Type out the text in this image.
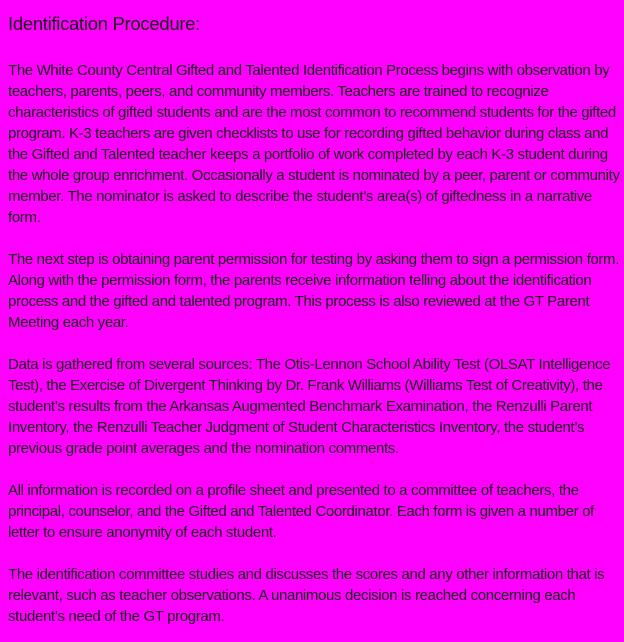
Identification Procedure:

The White County Central Gifted and Talented Identification Process begins with observation by teachers, parents, peers, and community members. Teachers are trained to recognize characteristics of gifted students and are the most common to recommend students for the gifted program. K-3 teachers are given checklists to use for recording gifted behavior during class and the Gifted and Talented teacher keeps a portfolio of work completed by each K-3 student during the whole group enrichment. Occasionally a student is nominated by a peer, parent or community member. The nominator is asked to describe the student’s area(s) of giftedness in a narrative form.

The next step is obtaining parent permission for testing by asking them to sign a permission form. Along with the permission form, the parents receive information telling about the identification process and the gifted and talented program. This process is also reviewed at the GT Parent Meeting each year.

Data is gathered from several sources: The Otis-Lennon School Ability Test (OLSAT Intelligence Test), the Exercise of Divergent Thinking by Dr. Frank Williams (Williams Test of Creativity), the student’s results from the Arkansas Augmented Benchmark Examination, the Renzulli Parent Inventory, the Renzulli Teacher Judgment of Student Characteristics Inventory, the student’s previous grade point averages and the nomination comments.

All information is recorded on a profile sheet and presented to a committee of teachers, the principal, counselor, and the Gifted and Talented Coordinator. Each form is given a number of letter to ensure anonymity of each student.

The identification committee studies and discusses the scores and any other information that is relevant, such as teacher observations. A unanimous decision is reached concerning each student’s need of the GT program.
